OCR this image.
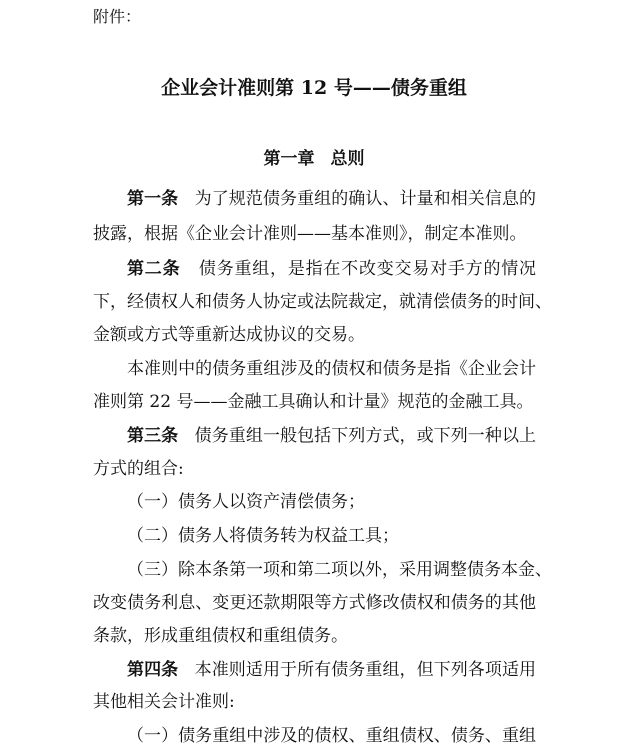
附件：
企业会计准则第 12 号——债务重组
第一章 总则
第一条 为了规范债务重组的确认、计量和相关信息的
披露，根据《企业会计准则——基本准则》，制定本准则。
第二条 债务重组，是指在不改变交易对手方的情况
下，经债权人和债务人协定或法院裁定，就清偿债务的时间、
金额或方式等重新达成协议的交易。
本准则中的债务重组涉及的债权和债务是指《企业会计
准则第 22 号——金融工具确认和计量》规范的金融工具。
第三条 债务重组一般包括下列方式，或下列一种以上
方式的组合:
（一）债务人以资产清偿债务；
（二）债务人将债务转为权益工具；
（三）除本条第一项和第二项以外，采用调整债务本金、
改变债务利息、变更还款期限等方式修改债权和债务的其他
条款，形成重组债权和重组债务。
第四条 本准则适用于所有债务重组，但下列各项适用
其他相关会计准则:
（一）债务重组中涉及的债权、重组债权、债务、重组
